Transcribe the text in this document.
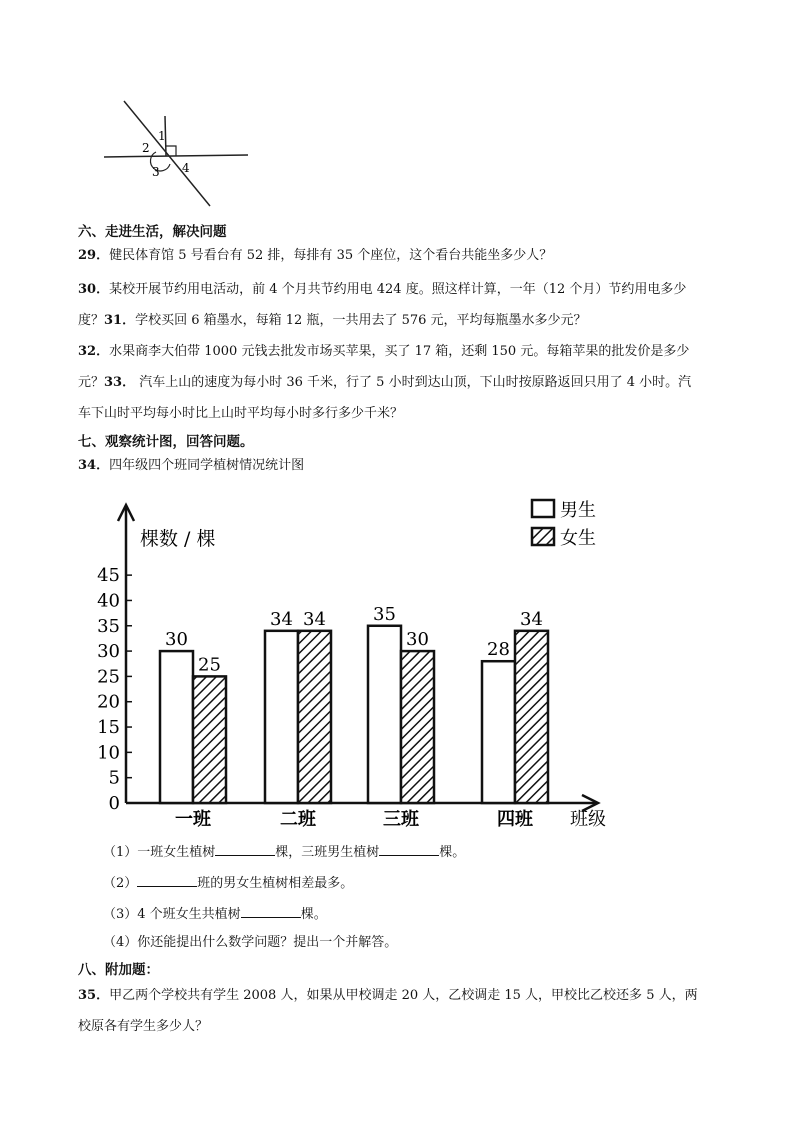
1
2
3 4
六、走进生活，解决问题
29．健民体育馆 5 号看台有 52 排，每排有 35 个座位，这个看台共能坐多少人？
30．某校开展节约用电活动，前 4 个月共节约用电 424 度。照这样计算，一年（12 个月）节约用电多少
度？31．学校买回 6 箱墨水，每箱 12 瓶，一共用去了 576 元，平均每瓶墨水多少元？
32．水果商李大伯带 1000 元钱去批发市场买苹果，买了 17 箱，还剩 150 元。每箱苹果的批发价是多少
元？33． 汽车上山的速度为每小时 36 千米，行了 5 小时到达山顶，下山时按原路返回只用了 4 小时。汽
车下山时平均每小时比上山时平均每小时多行多少千米？
七、观察统计图，回答问题。
34．四年级四个班同学植树情况统计图
0
5
10
15
20
25
30
35
40
45
30
25
34 34	35
30	28
34
一班	二班	三班	四班
棵数 / 棵
班级
男生
女生
（1）一班女生植树	棵，三班男生植树	棵。
（2）	班的男女生植树相差最多。
（3）4 个班女生共植树	棵。
（4）你还能提出什么数学问题？提出一个并解答。
八、附加题：
35．甲乙两个学校共有学生 2008 人，如果从甲校调走 20 人，乙校调走 15 人，甲校比乙校还多 5 人，两
校原各有学生多少人？
